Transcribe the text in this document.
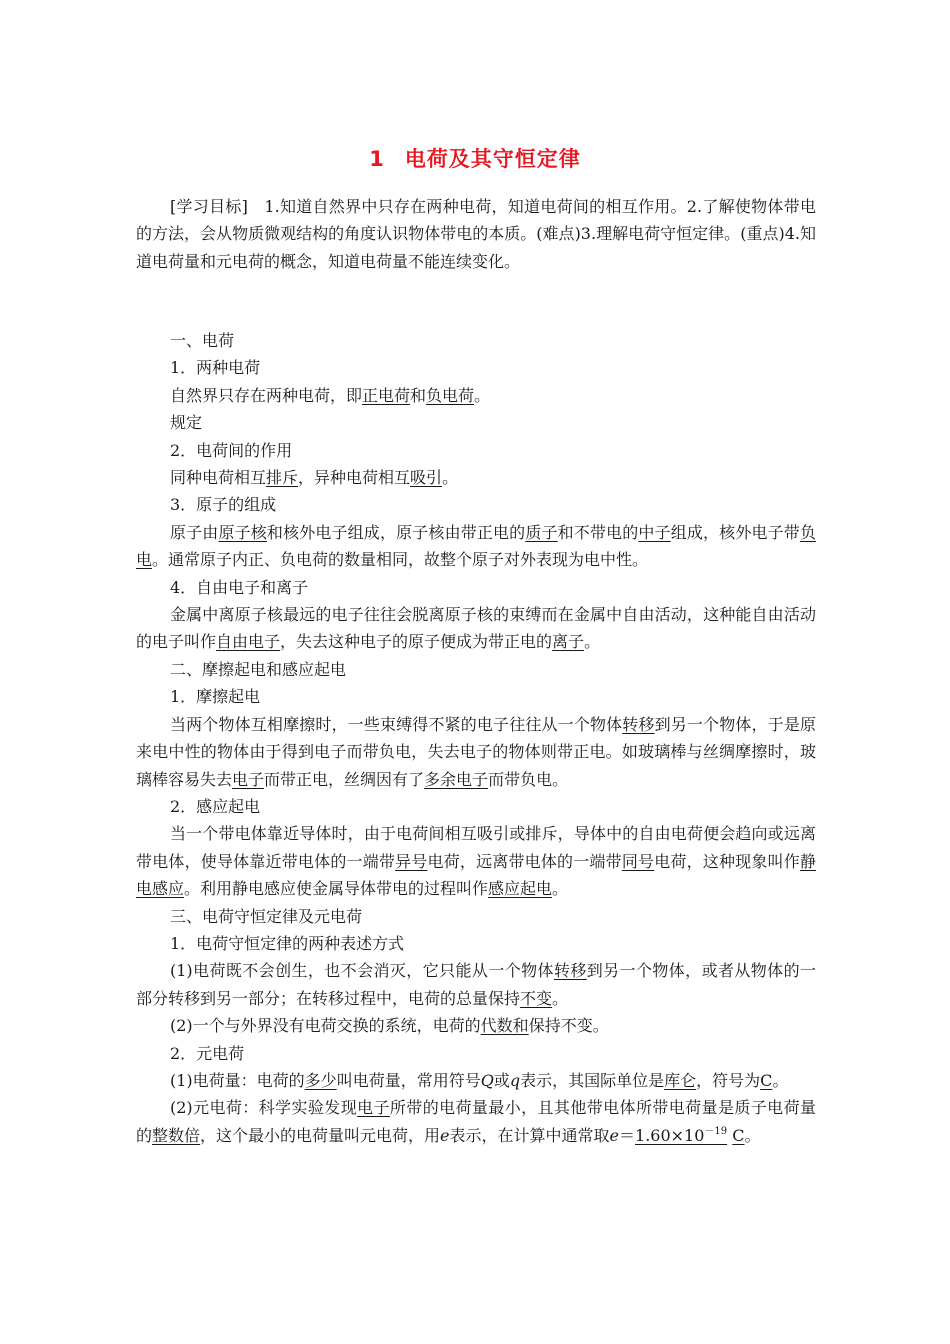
1 电荷及其守恒定律

[学习目标]　 1.知道自然界中只存在两种电荷，知道电荷间的相互作用。2.了解使物体带电的方法，会从物质微观结构的角度认识物体带电的本质。(难点)3.理解电荷守恒定律。(重点)4.知道电荷量和元电荷的概念，知道电荷量不能连续变化。

一、电荷

1．两种电荷

自然界只存在两种电荷，即正电荷和负电荷。

规定

2．电荷间的作用

同种电荷相互排斥，异种电荷相互吸引。

3．原子的组成

原子由原子核和核外电子组成，原子核由带正电的质子和不带电的中子组成，核外电子带负电。通常原子内正、负电荷的数量相同，故整个原子对外表现为电中性。

4．自由电子和离子

金属中离原子核最远的电子往往会脱离原子核的束缚而在金属中自由活动，这种能自由活动的电子叫作自由电子，失去这种电子的原子便成为带正电的离子。

二、摩擦起电和感应起电

1．摩擦起电

当两个物体互相摩擦时，一些束缚得不紧的电子往往从一个物体转移到另一个物体，于是原来电中性的物体由于得到电子而带负电，失去电子的物体则带正电。如玻璃棒与丝绸摩擦时，玻璃棒容易失去电子而带正电，丝绸因有了多余电子而带负电。

2．感应起电

当一个带电体靠近导体时，由于电荷间相互吸引或排斥，导体中的自由电荷便会趋向或远离带电体，使导体靠近带电体的一端带异号电荷，远离带电体的一端带同号电荷，这种现象叫作静电感应。利用静电感应使金属导体带电的过程叫作感应起电。

三、电荷守恒定律及元电荷

1．电荷守恒定律的两种表述方式

(1)电荷既不会创生，也不会消灭，它只能从一个物体转移到另一个物体，或者从物体的一部分转移到另一部分；在转移过程中，电荷的总量保持不变。

(2)一个与外界没有电荷交换的系统，电荷的代数和保持不变。

2．元电荷

(1)电荷量：电荷的多少叫电荷量，常用符号Q或q表示，其国际单位是库仑，符号为C。

(2)元电荷：科学实验发现电子所带的电荷量最小，且其他带电体所带电荷量是质子电荷量的整数倍，这个最小的电荷量叫元电荷，用e表示，在计算中通常取$e=1.60\times 10^{-19}$ C。
